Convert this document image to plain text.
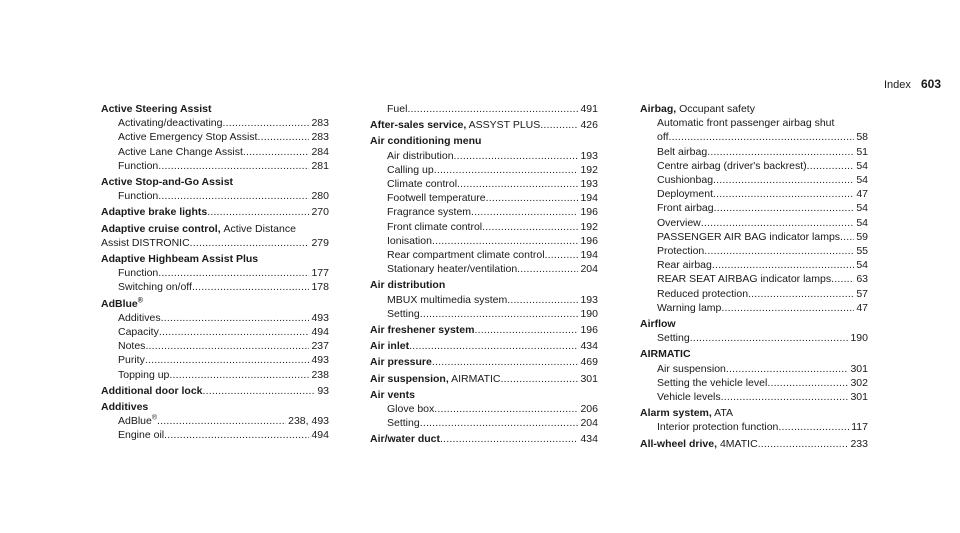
Index 603
Active Steering Assist
Activating/deactivating .....	283
Active Emergency Stop Assist .....	283
Active Lane Change Assist .....	284
Function .....	281
Active Stop-and-Go Assist
Function .....	280
Adaptive brake lights .....	270
Adaptive cruise control, Active Distance
Assist DISTRONIC .....	279
Adaptive Highbeam Assist Plus
Function .....	177
Switching on/off .....	178
AdBlue®
Additives .....	493
Capacity .....	494
Notes .....	237
Purity .....	493
Topping up .....	238
Additional door lock .....	93
Additives
AdBlue® .....	238, 493
Engine oil .....	494
Fuel .....	491
After-sales service, ASSYST PLUS .....	426
Air conditioning menu
Air distribution .....	193
Calling up .....	192
Climate control .....	193
Footwell temperature .....	194
Fragrance system .....	196
Front climate control .....	192
Ionisation .....	196
Rear compartment climate control .....	194
Stationary heater/ventilation .....	204
Air distribution
MBUX multimedia system .....	193
Setting .....	190
Air freshener system .....	196
Air inlet .....	434
Air pressure .....	469
Air suspension, AIRMATIC .....	301
Air vents
Glove box .....	206
Setting .....	204
Air/water duct .....	434
Airbag, Occupant safety
Automatic front passenger airbag shut
off .....	58
Belt airbag .....	51
Centre airbag (driver's backrest) .....	54
Cushionbag .....	54
Deployment .....	47
Front airbag .....	54
Overview .....	54
PASSENGER AIR BAG indicator lamps ..... 59
Protection .....	55
Rear airbag .....	54
REAR SEAT AIRBAG indicator lamps ..... 63
Reduced protection .....	57
Warning lamp .....	47
Airflow
Setting .....	190
AIRMATIC
Air suspension .....	301
Setting the vehicle level .....	302
Vehicle levels .....	301
Alarm system, ATA
Interior protection function .....	117
All-wheel drive, 4MATIC .....	233
